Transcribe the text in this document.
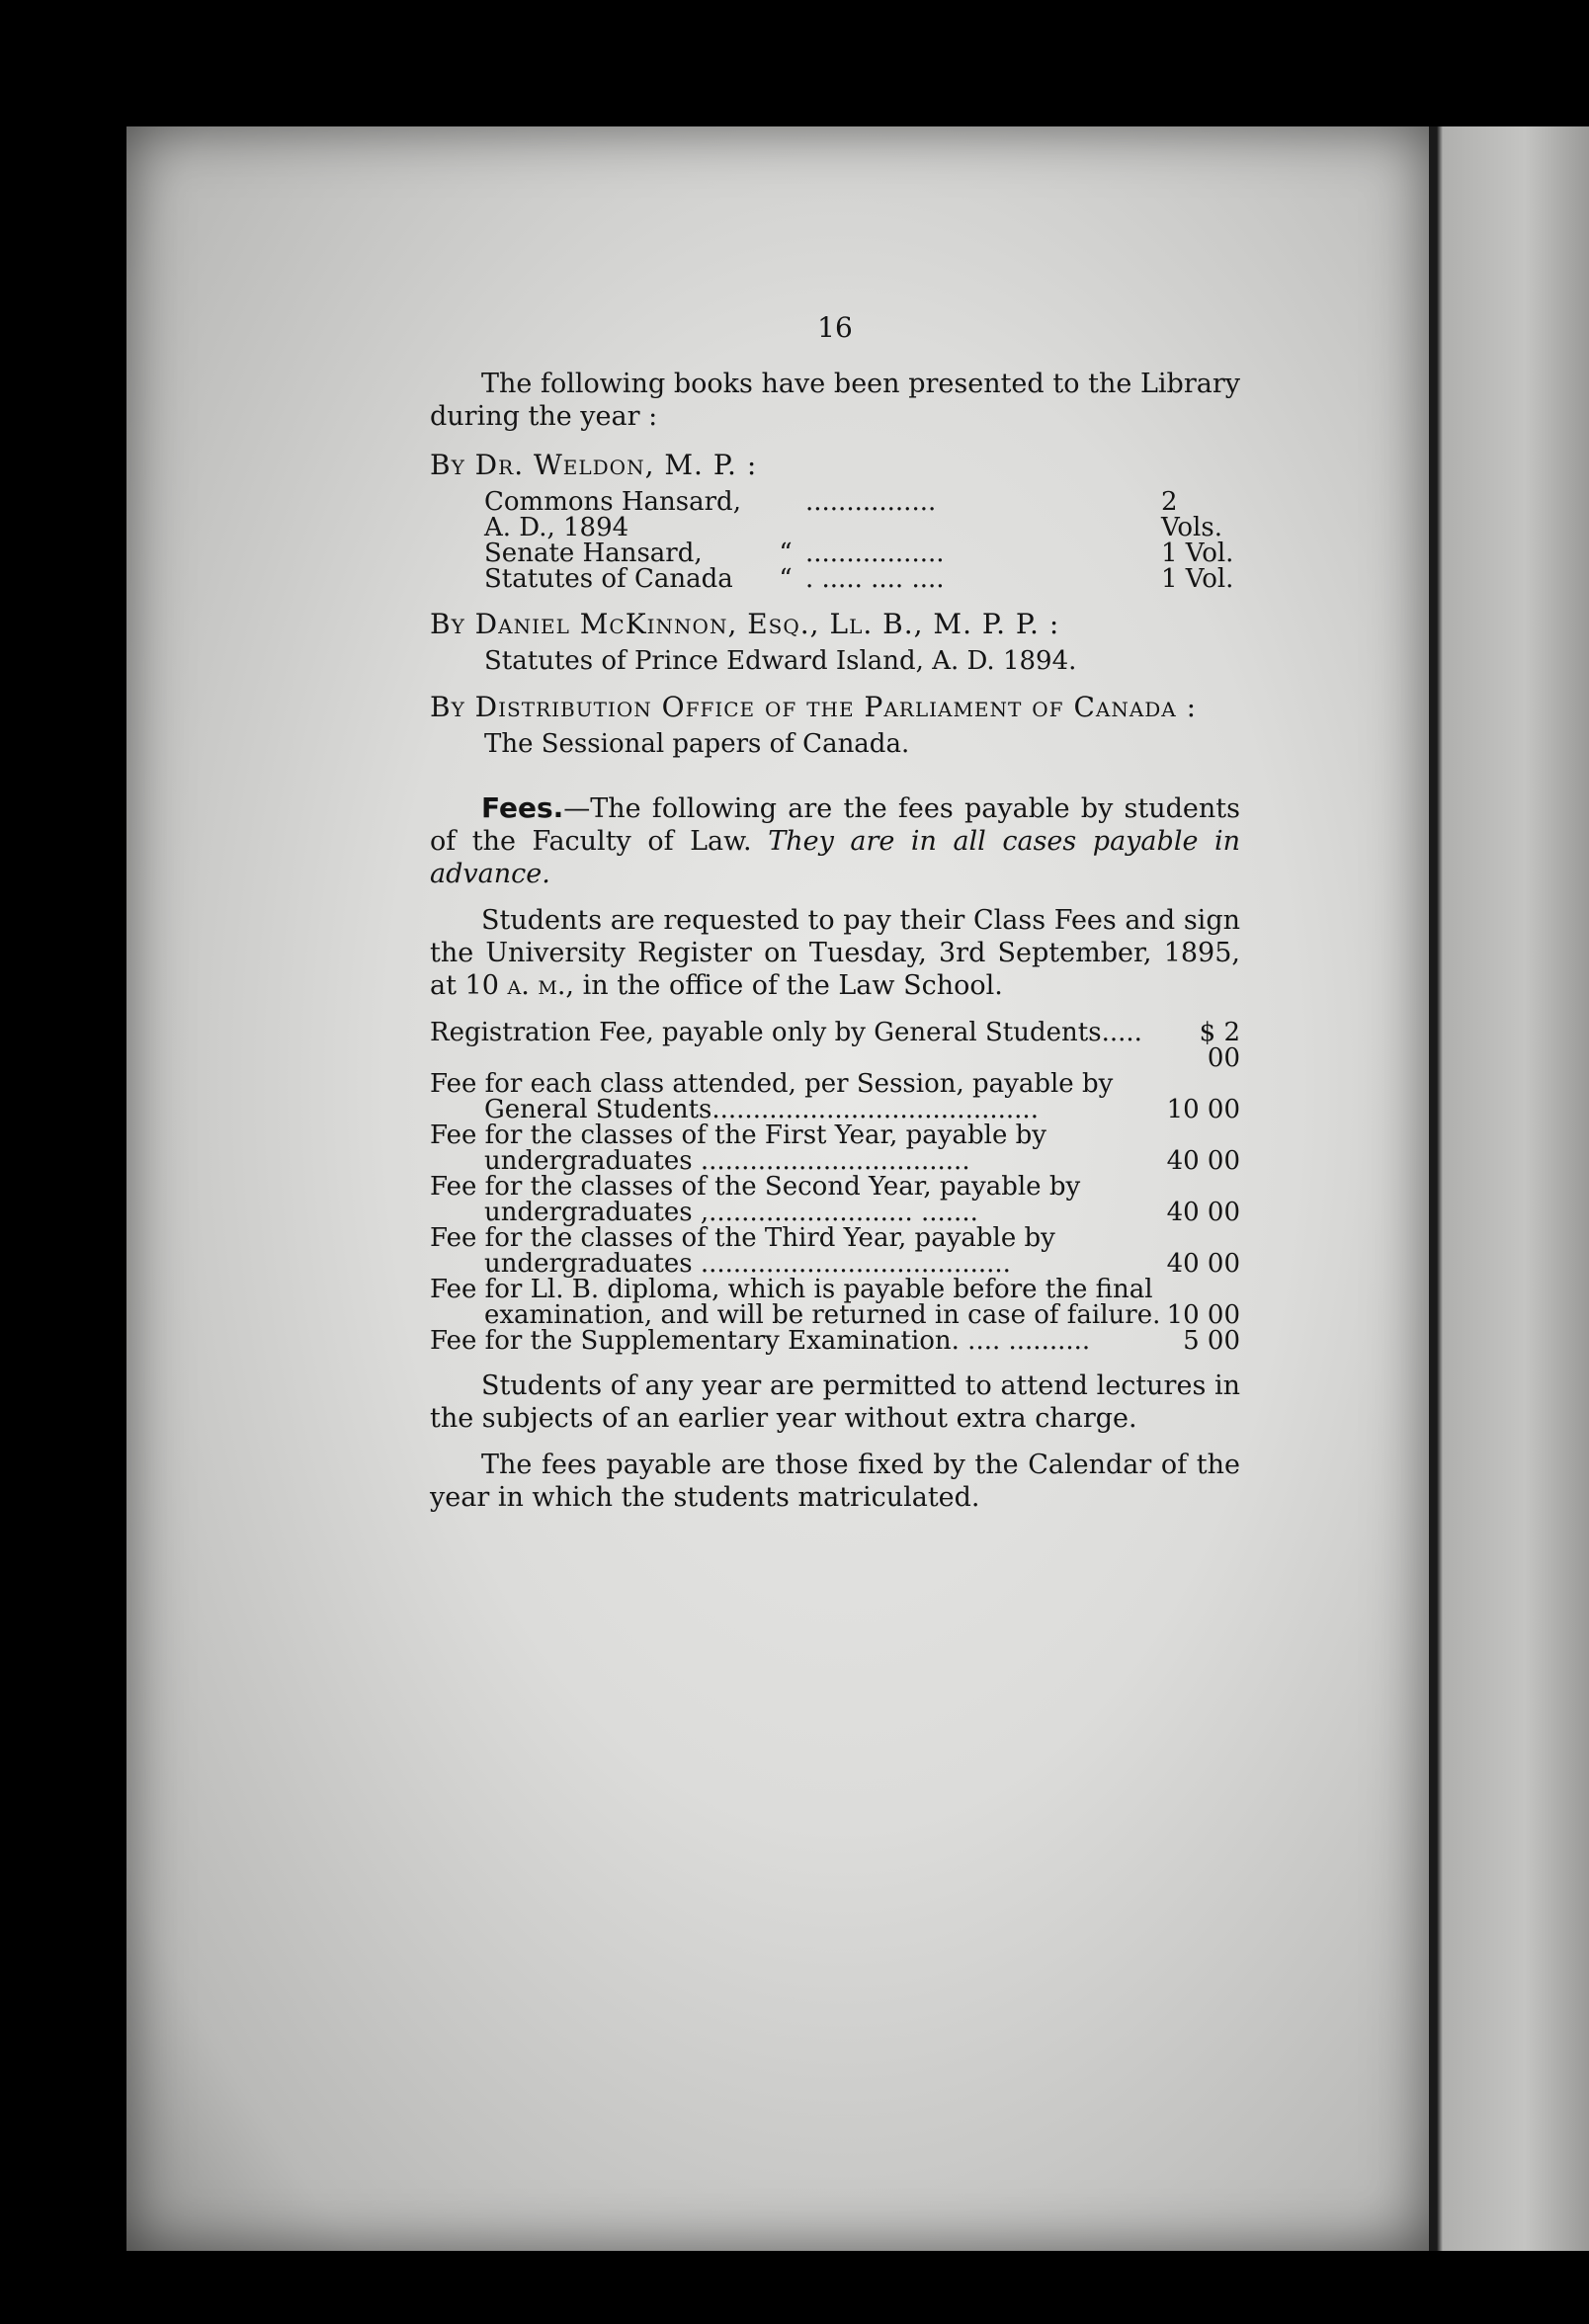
16

The following books have been presented to the Library during the year :

By Dr. Weldon, M. P. :
Commons Hansard, A. D., 1894
................	2 Vols.
Senate Hansard,	“ .................	1 Vol.
Statutes of Canada	“ . ..... .... ....	1 Vol.
By Daniel McKinnon, Esq., Ll. B., M. P. P. :
Statutes of Prince Edward Island, A. D. 1894.
By Distribution Office of the Parliament of Canada :
The Sessional papers of Canada.

Fees.—The following are the fees payable by students of the Faculty of Law. They are in all cases payable in advance.

Students are requested to pay their Class Fees and sign the University Register on Tuesday, 3rd September, 1895, at 10 a. m., in the office of the Law School.

Registration Fee, payable only by General Students.....	$ 2 00
Fee for each class attended, per Session, payable by
General Students........................................	10 00
Fee for the classes of the First Year, payable by
undergraduates .................................	40 00
Fee for the classes of the Second Year, payable by
undergraduates ,......................... .......	40 00
Fee for the classes of the Third Year, payable by
undergraduates ......................................	40 00
Fee for Ll. B. diploma, which is payable before the final
examination, and will be returned in case of failure. 10 00
Fee for the Supplementary Examination. .... ..........	5 00

Students of any year are permitted to attend lectures in the subjects of an earlier year without extra charge.

The fees payable are those fixed by the Calendar of the year in which the students matriculated.
